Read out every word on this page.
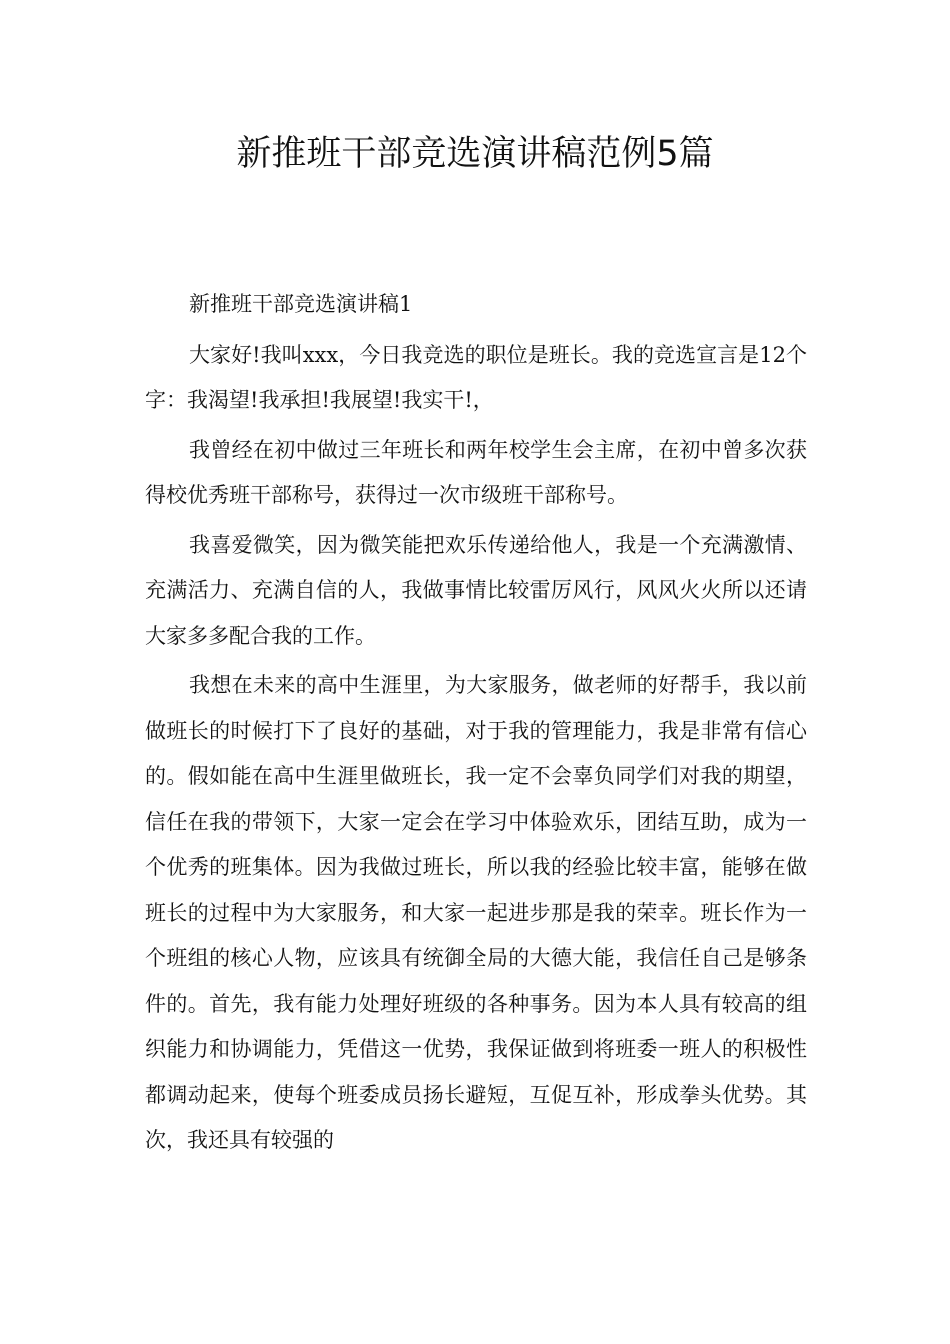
新推班干部竞选演讲稿范例5篇

新推班干部竞选演讲稿1

大家好!我叫xxx，今日我竞选的职位是班长。我的竞选宣言是12个字：我渴望!我承担!我展望!我实干!，

我曾经在初中做过三年班长和两年校学生会主席，在初中曾多次获得校优秀班干部称号，获得过一次市级班干部称号。

我喜爱微笑，因为微笑能把欢乐传递给他人，我是一个充满激情、充满活力、充满自信的人，我做事情比较雷厉风行，风风火火所以还请大家多多配合我的工作。

我想在未来的高中生涯里，为大家服务，做老师的好帮手，我以前做班长的时候打下了良好的基础，对于我的管理能力，我是非常有信心的。假如能在高中生涯里做班长，我一定不会辜负同学们对我的期望，信任在我的带领下，大家一定会在学习中体验欢乐，团结互助，成为一个优秀的班集体。因为我做过班长，所以我的经验比较丰富，能够在做班长的过程中为大家服务，和大家一起进步那是我的荣幸。班长作为一个班组的核心人物，应该具有统御全局的大德大能，我信任自己是够条件的。首先，我有能力处理好班级的各种事务。因为本人具有较高的组织能力和协调能力，凭借这一优势，我保证做到将班委一班人的积极性都调动起来，使每个班委成员扬长避短，互促互补，形成拳头优势。其次，我还具有较强的
